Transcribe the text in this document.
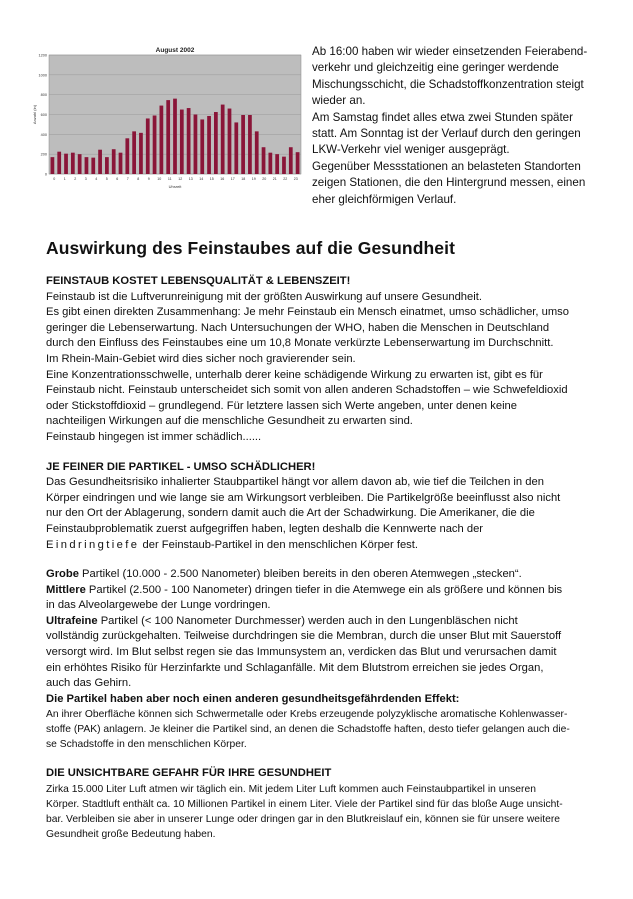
August 2002
0
200
400
600
800
1000
1200
Anzahl (in)
0 1 2 3 4 5 6 7 8 9 10 11 12 13 14 15 16 17 18 19 20 21 22 23
Uhrzeit

Ab 16:00 haben wir wieder einsetzenden Feierabend-

verkehr und gleichzeitig eine geringer werdende

Mischungsschicht, die Schadstoffkonzentration steigt

wieder an.

Am Samstag findet alles etwa zwei Stunden später

statt. Am Sonntag ist der Verlauf durch den geringen

LKW-Verkehr viel weniger ausgeprägt.

Gegenüber Messstationen an belasteten Standorten

zeigen Stationen, die den Hintergrund messen, einen

eher gleichförmigen Verlauf.

Auswirkung des Feinstaubes auf die Gesundheit

FEINSTAUB KOSTET LEBENSQUALITÄT & LEBENSZEIT!

Feinstaub ist die Luftverunreinigung mit der größten Auswirkung auf unsere Gesundheit.

Es gibt einen direkten Zusammenhang: Je mehr Feinstaub ein Mensch einatmet, umso schädlicher, umso

geringer die Lebenserwartung. Nach Untersuchungen der WHO, haben die Menschen in Deutschland

durch den Einfluss des Feinstaubes eine um 10,8 Monate verkürzte Lebenserwartung im Durchschnitt.

Im Rhein-Main-Gebiet wird dies sicher noch gravierender sein.

Eine Konzentrationsschwelle, unterhalb derer keine schädigende Wirkung zu erwarten ist, gibt es für

Feinstaub nicht. Feinstaub unterscheidet sich somit von allen anderen Schadstoffen – wie Schwefeldioxid

oder Stickstoffdioxid – grundlegend. Für letztere lassen sich Werte angeben, unter denen keine

nachteiligen Wirkungen auf die menschliche Gesundheit zu erwarten sind.

Feinstaub hingegen ist immer schädlich......

JE FEINER DIE PARTIKEL - UMSO SCHÄDLICHER!

Das Gesundheitsrisiko inhalierter Staubpartikel hängt vor allem davon ab, wie tief die Teilchen in den

Körper eindringen und wie lange sie am Wirkungsort verbleiben. Die Partikelgröße beeinflusst also nicht

nur den Ort der Ablagerung, sondern damit auch die Art der Schadwirkung. Die Amerikaner, die die

Feinstaubproblematik zuerst aufgegriffen haben, legten deshalb die Kennwerte nach der

Eindringtiefe der Feinstaub-Partikel in den menschlichen Körper fest.

Grobe Partikel (10.000 - 2.500 Nanometer) bleiben bereits in den oberen Atemwegen „stecken“.

Mittlere Partikel (2.500 - 100 Nanometer) dringen tiefer in die Atemwege ein als größere und können bis

in das Alveolargewebe der Lunge vordringen.

Ultrafeine Partikel (< 100 Nanometer Durchmesser) werden auch in den Lungenbläschen nicht

vollständig zurückgehalten. Teilweise durchdringen sie die Membran, durch die unser Blut mit Sauerstoff

versorgt wird. Im Blut selbst regen sie das Immunsystem an, verdicken das Blut und verursachen damit

ein erhöhtes Risiko für Herzinfarkte und Schlaganfälle. Mit dem Blutstrom erreichen sie jedes Organ,

auch das Gehirn.

Die Partikel haben aber noch einen anderen gesundheitsgefährdenden Effekt:

An ihrer Oberfläche können sich Schwermetalle oder Krebs erzeugende polyzyklische aromatische Kohlenwasser-

stoffe (PAK) anlagern. Je kleiner die Partikel sind, an denen die Schadstoffe haften, desto tiefer gelangen auch die-

se Schadstoffe in den menschlichen Körper.

DIE UNSICHTBARE GEFAHR FÜR IHRE GESUNDHEIT

Zirka 15.000 Liter Luft atmen wir täglich ein. Mit jedem Liter Luft kommen auch Feinstaubpartikel in unseren

Körper. Stadtluft enthält ca. 10 Millionen Partikel in einem Liter. Viele der Partikel sind für das bloße Auge unsicht-

bar. Verbleiben sie aber in unserer Lunge oder dringen gar in den Blutkreislauf ein, können sie für unsere weitere

Gesundheit große Bedeutung haben.
